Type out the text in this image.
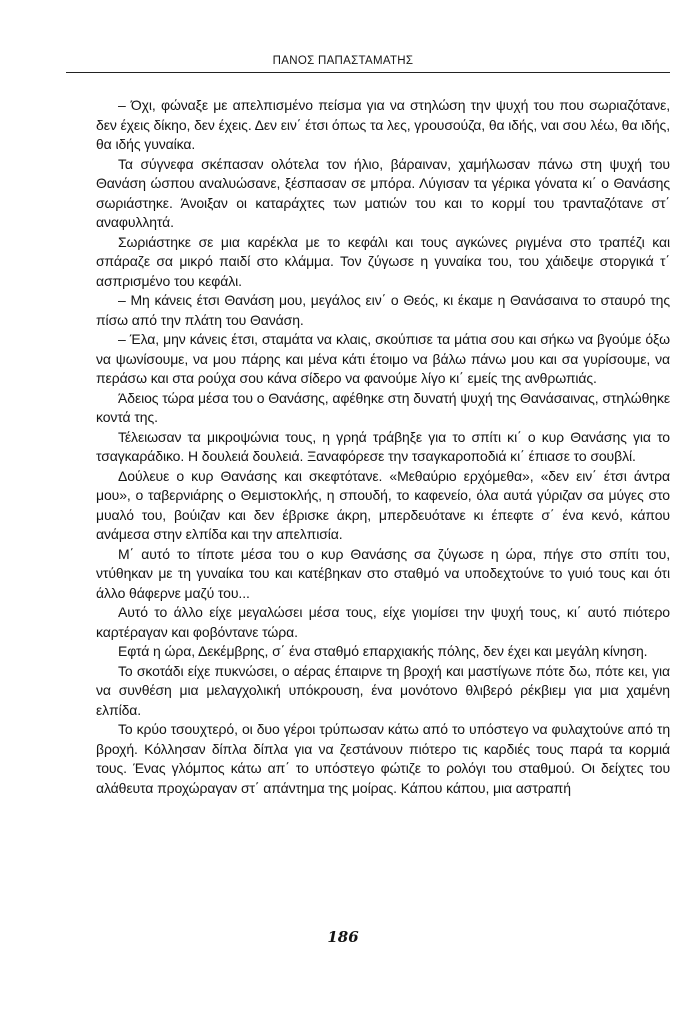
ΠΑΝΟΣ ΠΑΠΑΣΤΑΜΑΤΗΣ

– Όχι, φώναξε με απελπισμένο πείσμα για να στηλώση την ψυχή του που σωριαζότανε, δεν έχεις δίκηο, δεν έχεις. Δεν ειν΄ έτσι όπως τα λες, γρουσούζα, θα ιδής, ναι σου λέω, θα ιδής, θα ιδής γυναίκα.

Τα σύγνεφα σκέπασαν ολότελα τον ήλιο, βάραιναν, χαμήλωσαν πάνω στη ψυχή του Θανάση ώσπου αναλυώσανε, ξέσπασαν σε μπόρα. Λύγισαν τα γέρικα γόνατα κι΄ ο Θανάσης σωριάστηκε. Άνοιξαν οι καταράχτες των ματιών του και το κορμί του τρανταζότανε στ΄ αναφυλλητά.

Σωριάστηκε σε μια καρέκλα με το κεφάλι και τους αγκώνες ριγμένα στο τραπέζι και σπάραζε σα μικρό παιδί στο κλάμμα. Τον ζύγωσε η γυναίκα του, του χάιδεψε στοργικά τ΄ ασπρισμένο του κεφάλι.

– Μη κάνεις έτσι Θανάση μου, μεγάλος ειν΄ ο Θεός, κι έκαμε η Θανάσαινα το σταυρό της πίσω από την πλάτη του Θανάση.

– Έλα, μην κάνεις έτσι, σταμάτα να κλαις, σκούπισε τα μάτια σου και σήκω να βγούμε όξω να ψωνίσουμε, να μου πάρης και μένα κάτι έτοιμο να βάλω πάνω μου και σα γυρίσουμε, να περάσω και στα ρούχα σου κάνα σίδερο να φανούμε λίγο κι΄ εμείς της ανθρωπιάς.

Άδειος τώρα μέσα του ο Θανάσης, αφέθηκε στη δυνατή ψυχή της Θανάσαινας, στηλώθηκε κοντά της.

Τέλειωσαν τα μικροψώνια τους, η γρηά τράβηξε για το σπίτι κι΄ ο κυρ Θανάσης για το τσαγκαράδικο. Η δουλειά δουλειά. Ξαναφόρεσε την τσαγκαροποδιά κι΄ έπιασε το σουβλί.

Δούλευε ο κυρ Θανάσης και σκεφτότανε. «Μεθαύριο ερχόμεθα», «δεν ειν΄ έτσι άντρα μου», ο ταβερνιάρης ο Θεμιστοκλής, η σπουδή, το καφενείο, όλα αυτά γύριζαν σα μύγες στο μυαλό του, βούιζαν και δεν έβρισκε άκρη, μπερδευότανε κι έπεφτε σ΄ ένα κενό, κάπου ανάμεσα στην ελπίδα και την απελπισία.

Μ΄ αυτό το τίποτε μέσα του ο κυρ Θανάσης σα ζύγωσε η ώρα, πήγε στο σπίτι του, ντύθηκαν με τη γυναίκα του και κατέβηκαν στο σταθμό να υποδεχτούνε το γυιό τους και ότι άλλο θάφερνε μαζύ του...

Αυτό το άλλο είχε μεγαλώσει μέσα τους, είχε γιομίσει την ψυχή τους, κι΄ αυτό πιότερο καρτέραγαν και φοβόντανε τώρα.

Εφτά η ώρα, Δεκέμβρης, σ΄ ένα σταθμό επαρχιακής πόλης, δεν έχει και μεγάλη κίνηση.

Το σκοτάδι είχε πυκνώσει, ο αέρας έπαιρνε τη βροχή και μαστίγωνε πότε δω, πότε κει, για να συνθέση μια μελαγχολική υπόκρουση, ένα μονότονο θλιβερό ρέκβιεμ για μια χαμένη ελπίδα.

Το κρύο τσουχτερό, οι δυο γέροι τρύπωσαν κάτω από το υπόστεγο να φυλαχτούνε από τη βροχή. Κόλλησαν δίπλα δίπλα για να ζεστάνουν πιότερο τις καρδιές τους παρά τα κορμιά τους. Ένας γλόμπος κάτω απ΄ το υπόστεγο φώτιζε το ρολόγι του σταθμού. Οι δείχτες του αλάθευτα προχώραγαν στ΄ απάντημα της μοίρας. Κάπου κάπου, μια αστραπή

186
